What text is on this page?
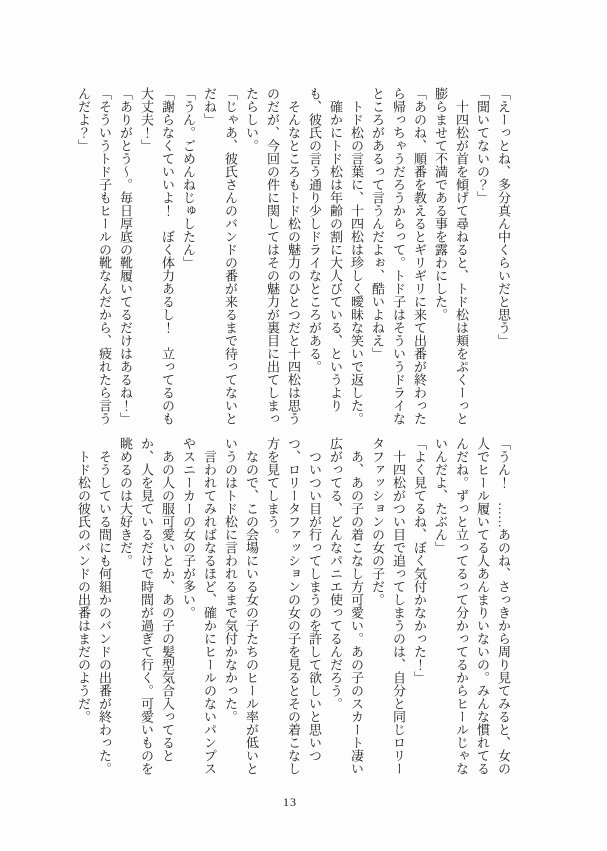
「えーっとね、多分真ん中くらいだと思う」

「聞いてないの？」

　十四松が首を傾げて尋ねると、トド松は頬をぷくーっと

膨らませて不満である事を露わにした。

「あのね、順番を教えるとギリギリに来て出番が終わった

ら帰っちゃうだろうからって。トド子はそういうドライな

ところがあるって言うんだよぉ、酷いよねえ」

　トド松の言葉に、十四松は珍しく曖昧な笑いで返した。

　確かにトド松は年齢の割に大人びている、というより

も、彼氏の言う通り少しドライなところがある。

　そんなところもトド松の魅力のひとつだと十四松は思う

のだが、今回の件に関してはその魅力が裏目に出てしまっ

たらしい。

「じゃあ、彼氏さんのバンドの番が来るまで待ってないと

だね」

「うん。ごめんねじゅしたん」

「謝らなくていいよ！　ぼく体力あるし！　立ってるのも

大丈夫！」

「ありがとう～。毎日厚底の靴履いてるだけはあるね！」

「そういうトド子もヒールの靴なんだから、疲れたら言う

んだよ？」

「うん！　……あのね、さっきから周り見てみると、女の

人でヒール履いてる人あんまりいないの。みんな慣れてる

んだね。ずっと立ってるって分かってるからヒールじゃな

いんだよ、たぶん」

「よく見てるね、ぼく気付かなかった！」

　十四松がつい目で追ってしまうのは、自分と同じロリー

タファッションの女の子だ。

　あ、あの子の着こなし方可愛い。あの子のスカート凄い

広がってる、どんなパニエ使ってるんだろう。

　ついつい目が行ってしまうのを許して欲しいと思いつ

つ、ロリータファッションの女の子を見るとその着こなし

方を見てしまう。

　なので、この会場にいる女の子たちのヒール率が低いと

いうのはトド松に言われるまで気付かなかった。

　言われてみればなるほど、確かにヒールのないパンプス

やスニーカーの女の子が多い。

　あの人の服可愛いとか、あの子の髪型気合入ってると

か、人を見ているだけで時間が過ぎて行く。可愛いものを

眺めるのは大好きだ。

　そうしている間にも何組かのバンドの出番が終わった。

　トド松の彼氏のバンドの出番はまだのようだ。

13
